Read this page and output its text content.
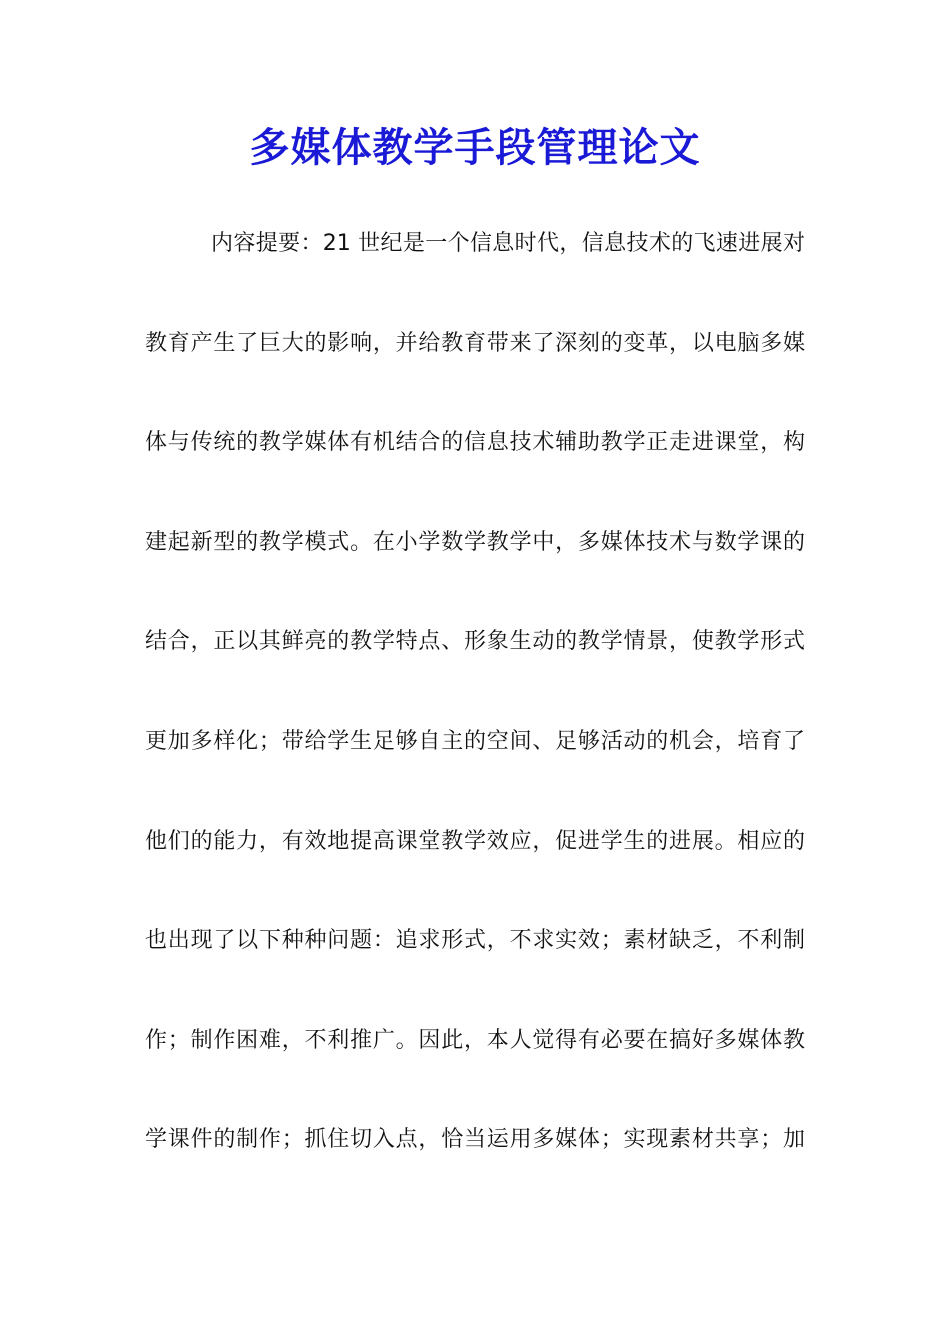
多媒体教学手段管理论文
内容提要：21 世纪是一个信息时代，信息技术的飞速进展对
教育产生了巨大的影响，并给教育带来了深刻的变革，以电脑多媒
体与传统的教学媒体有机结合的信息技术辅助教学正走进课堂，构
建起新型的教学模式。在小学数学教学中，多媒体技术与数学课的
结合，正以其鲜亮的教学特点、形象生动的教学情景，使教学形式
更加多样化；带给学生足够自主的空间、足够活动的机会，培育了
他们的能力，有效地提高课堂教学效应，促进学生的进展。相应的
也出现了以下种种问题：追求形式，不求实效；素材缺乏，不利制
作；制作困难，不利推广。因此，本人觉得有必要在搞好多媒体教
学课件的制作；抓住切入点，恰当运用多媒体；实现素材共享；加
